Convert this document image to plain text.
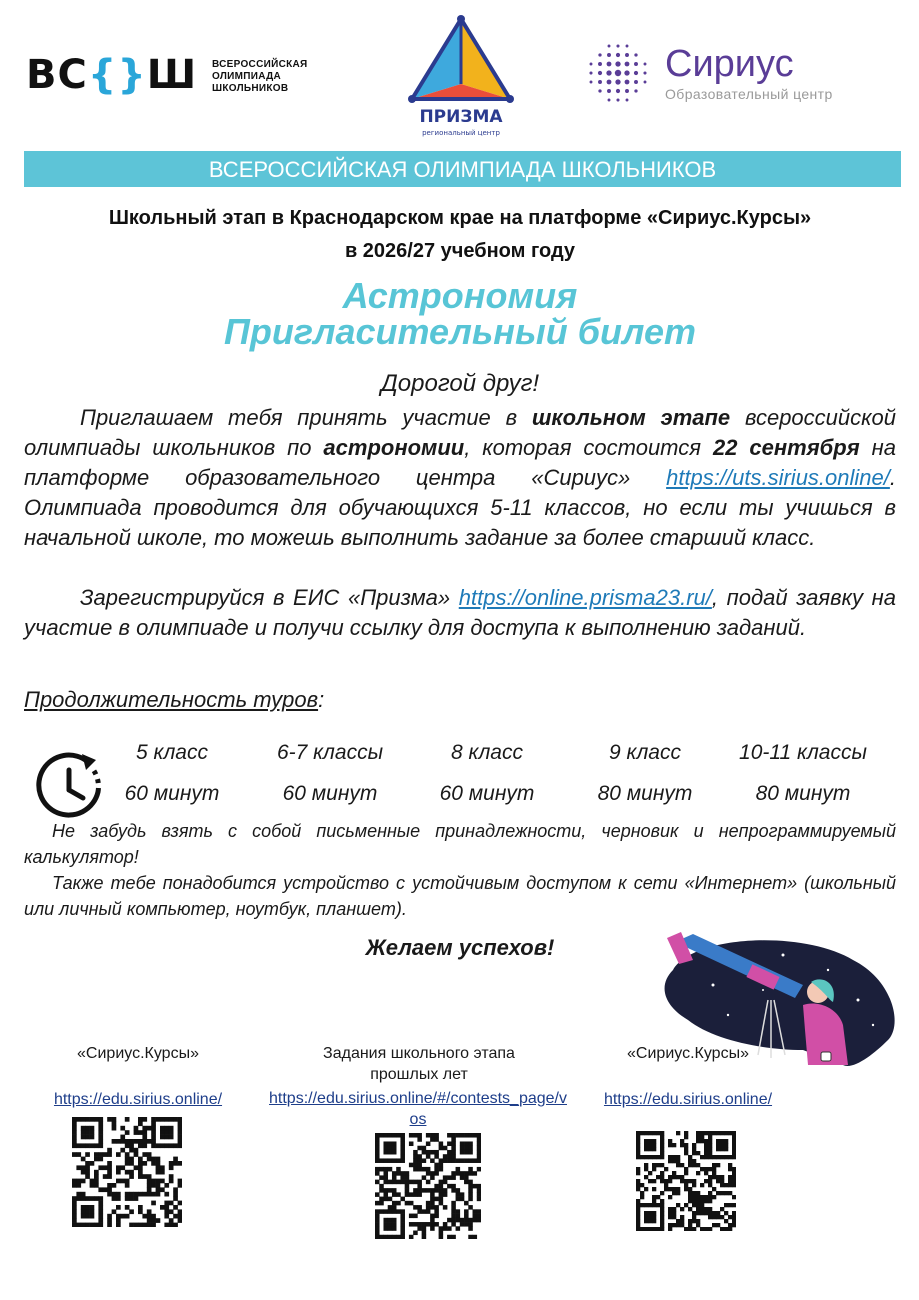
ВС{}Ш ВСЕРОССИЙСКАЯ
ОЛИМПИАДА
ШКОЛЬНИКОВ
ПРИЗМА
региональный центр
Сириус
Образовательный центр
ВСЕРОССИЙСКАЯ ОЛИМПИАДА ШКОЛЬНИКОВ
Школьный этап в Краснодарском крае на платформе «Сириус.Курсы»
в 2026/27 учебном году
Астрономия
Пригласительный билет
Дорогой друг!
Приглашаем тебя принять участие в школьном этапе всероссийской олимпиады школьников по астрономии, которая состоится 22 сентября на платформе образовательного центра «Сириус» https://uts.sirius.online/. Олимпиада проводится для обучающихся 5-11 классов, но если ты учишься в начальной школе, то можешь выполнить задание за более старший класс.
Зарегистрируйся в ЕИС «Призма» https://online.prisma23.ru/, подай заявку на участие в олимпиаде и получи ссылку для доступа к выполнению заданий.
Продолжительность туров:
5 класс	6-7 классы	8 класс	9 класс	10-11 классы
60 минут	60 минут	60 минут	80 минут	80 минут
Не забудь взять с собой письменные принадлежности, черновик и непрограммируемый калькулятор!
Также тебе понадобится устройство с устойчивым доступом к сети «Интернет» (школьный или личный компьютер, ноутбук, планшет).
Желаем успехов!
«Сириус.Курсы»
https://edu.sirius.online/
Задания школьного этапа прошлых лет
https://edu.sirius.online/#/contests_page/vos
«Сириус.Курсы»
https://edu.sirius.online/
